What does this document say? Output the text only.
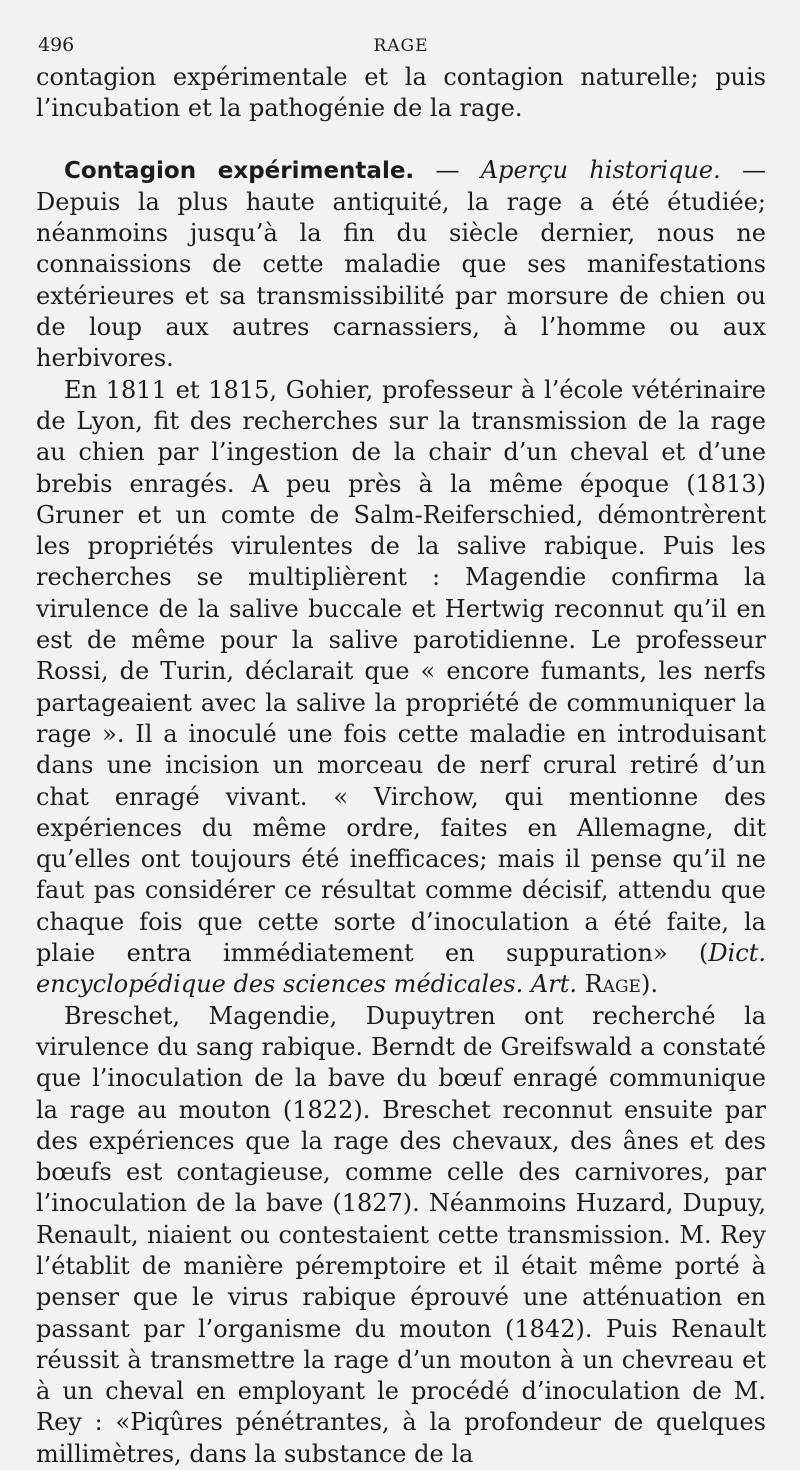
496	RAGE

contagion expérimentale et la contagion naturelle; puis l’incubation et la pathogénie de la rage.

Contagion expérimentale. — Aperçu historique. — Depuis la plus haute antiquité, la rage a été étudiée; néanmoins jusqu’à la fin du siècle dernier, nous ne connaissions de cette maladie que ses manifestations extérieures et sa transmissibilité par morsure de chien ou de loup aux autres carnassiers, à l’homme ou aux herbivores.

En 1811 et 1815, Gohier, professeur à l’école vétérinaire de Lyon, fit des recherches sur la transmission de la rage au chien par l’ingestion de la chair d’un cheval et d’une brebis enragés. A peu près à la même époque (1813) Gruner et un comte de Salm-Reiferschied, démontrèrent les propriétés virulentes de la salive rabique. Puis les recherches se multiplièrent : Magendie confirma la virulence de la salive buccale et Hertwig reconnut qu’il en est de même pour la salive parotidienne. Le professeur Rossi, de Turin, déclarait que « encore fumants, les nerfs partageaient avec la salive la propriété de communiquer la rage ». Il a inoculé une fois cette maladie en introduisant dans une incision un morceau de nerf crural retiré d’un chat enragé vivant. « Virchow, qui mentionne des expériences du même ordre, faites en Allemagne, dit qu’elles ont toujours été inefficaces; mais il pense qu’il ne faut pas considérer ce résultat comme décisif, attendu que chaque fois que cette sorte d’inoculation a été faite, la plaie entra immédiatement en suppuration» (Dict. encyclopédique des sciences médicales. Art. Rage).

Breschet, Magendie, Dupuytren ont recherché la virulence du sang rabique. Berndt de Greifswald a constaté que l’inoculation de la bave du bœuf enragé communique la rage au mouton (1822). Breschet reconnut ensuite par des expériences que la rage des chevaux, des ânes et des bœufs est contagieuse, comme celle des carnivores, par l’inoculation de la bave (1827). Néanmoins Huzard, Dupuy, Renault, niaient ou contestaient cette transmission. M. Rey l’établit de manière péremptoire et il était même porté à penser que le virus rabique éprouvé une atténuation en passant par l’organisme du mouton (1842). Puis Renault réussit à transmettre la rage d’un mouton à un chevreau et à un cheval en employant le procédé d’inoculation de M. Rey : «Piqûres pénétrantes, à la profondeur de quelques millimètres, dans la substance de la
